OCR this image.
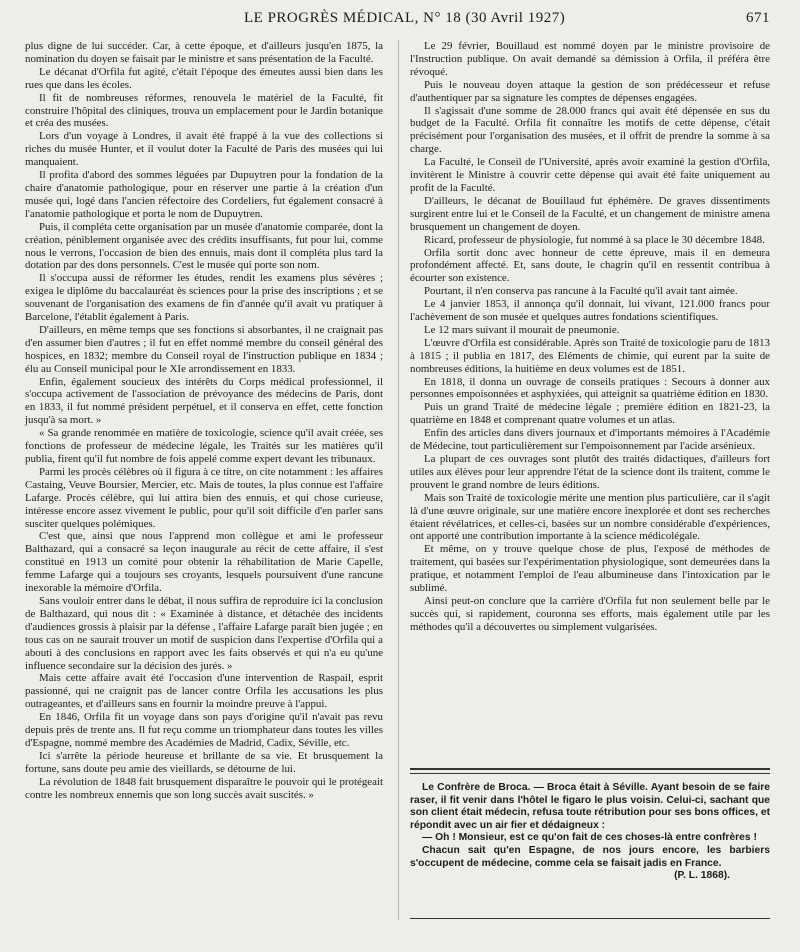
LE PROGRÈS MÉDICAL, N° 18 (30 Avril 1927)	671

plus digne de lui succéder. Car, à cette époque, et d'ailleurs jusqu'en 1875, la nomination du doyen se faisait par le ministre et sans présentation de la Faculté.

Le décanat d'Orfila fut agité, c'était l'époque des émeutes aussi bien dans les rues que dans les écoles.

Il fit de nombreuses réformes, renouvela le matériel de la Faculté, fit construire l'hôpital des cliniques, trouva un emplacement pour le Jardin botanique et créa des musées.

Lors d'un voyage à Londres, il avait été frappé à la vue des collections si riches du musée Hunter, et il voulut doter la Faculté de Paris des musées qui lui manquaient.

Il profita d'abord des sommes léguées par Dupuytren pour la fondation de la chaire d'anatomie pathologique, pour en réserver une partie à la création d'un musée qui, logé dans l'ancien réfectoire des Cordeliers, fut également consacré à l'anatomie pathologique et porta le nom de Dupuytren.

Puis, il compléta cette organisation par un musée d'anatomie comparée, dont la création, péniblement organisée avec des crédits insuffisants, fut pour lui, comme nous le verrons, l'occasion de bien des ennuis, mais dont il compléta plus tard la dotation par des dons personnels. C'est le musée qui porte son nom.

Il s'occupa aussi de réformer les études, rendit les examens plus sévères ; exigea le diplôme du baccalauréat ès sciences pour la prise des inscriptions ; et se souvenant de l'organisation des examens de fin d'année qu'il avait vu pratiquer à Barcelone, l'établit également à Paris.

D'ailleurs, en même temps que ses fonctions si absorbantes, il ne craignait pas d'en assumer bien d'autres ; il fut en effet nommé membre du conseil général des hospices, en 1832; membre du Conseil royal de l'instruction publique en 1834 ; élu au Conseil municipal pour le XIe arrondissement en 1833.

Enfin, également soucieux des intérêts du Corps médical professionnel, il s'occupa activement de l'association de prévoyance des médecins de Paris, dont en 1833, il fut nommé président perpétuel, et il conserva en effet, cette fonction jusqu'à sa mort. »

« Sa grande renommée en matière de toxicologie, science qu'il avait créée, ses fonctions de professeur de médecine légale, les Traités sur les matières qu'il publia, firent qu'il fut nombre de fois appelé comme expert devant les tribunaux.

Parmi les procès célèbres où il figura à ce titre, on cite notamment : les affaires Castaing, Veuve Boursier, Mercier, etc. Mais de toutes, la plus connue est l'affaire Lafarge. Procès célèbre, qui lui attira bien des ennuis, et qui chose curieuse, intéresse encore assez vivement le public, pour qu'il soit difficile d'en parler sans susciter quelques polémiques.

C'est que, ainsi que nous l'apprend mon collègue et ami le professeur Balthazard, qui a consacré sa leçon inaugurale au récit de cette affaire, il s'est constitué en 1913 un comité pour obtenir la réhabilitation de Marie Capelle, femme Lafarge qui a toujours ses croyants, lesquels poursuivent d'une rancune inexorable la mémoire d'Orfila.

Sans vouloir entrer dans le débat, il nous suffira de reproduire ici la conclusion de Balthazard, qui nous dit : « Examinée à distance, et détachée des incidents d'audiences grossis à plaisir par la défense , l'affaire Lafarge paraît bien jugée ; en tous cas on ne saurait trouver un motif de suspicion dans l'expertise d'Orfila qui a abouti à des conclusions en rapport avec les faits observés et qui n'a eu qu'une influence secondaire sur la décision des jurés. »

Mais cette affaire avait été l'occasion d'une intervention de Raspail, esprit passionné, qui ne craignit pas de lancer contre Orfila les accusations les plus outrageantes, et d'ailleurs sans en fournir la moindre preuve à l'appui.

En 1846, Orfila fit un voyage dans son pays d'origine qu'il n'avait pas revu depuis près de trente ans. Il fut reçu comme un triomphateur dans toutes les villes d'Espagne, nommé membre des Académies de Madrid, Cadix, Séville, etc.

Ici s'arrête la période heureuse et brillante de sa vie. Et brusquement la fortune, sans doute peu amie des vieillards, se détourne de lui.

La révolution de 1848 fait brusquement disparaître le pouvoir qui le protégeait contre les nombreux ennemis que son long succès avait suscités. »

Le 29 février, Bouillaud est nommé doyen par le ministre provisoire de l'Instruction publique. On avait demandé sa démission à Orfila, il préféra être révoqué.

Puis le nouveau doyen attaque la gestion de son prédécesseur et refuse d'authentiquer par sa signature les comptes de dépenses engagées.

Il s'agissait d'une somme de 28.000 francs qui avait été dépensée en sus du budget de la Faculté. Orfila fit connaître les motifs de cette dépense, c'était précisément pour l'organisation des musées, et il offrit de prendre la somme à sa charge.

La Faculté, le Conseil de l'Université, après avoir examiné la gestion d'Orfila, invitèrent le Ministre à couvrir cette dépense qui avait été faite uniquement au profit de la Faculté.

D'ailleurs, le décanat de Bouillaud fut éphémère. De graves dissentiments surgirent entre lui et le Conseil de la Faculté, et un changement de ministre amena brusquement un changement de doyen.

Ricard, professeur de physiologie, fut nommé à sa place le 30 décembre 1848.

Orfila sortit donc avec honneur de cette épreuve, mais il en demeura profondément affecté. Et, sans doute, le chagrin qu'il en ressentit contribua à écourter son existence.

Pourtant, il n'en conserva pas rancune à la Faculté qu'il avait tant aimée.

Le 4 janvier 1853, il annonça qu'il donnait, lui vivant, 121.000 francs pour l'achèvement de son musée et quelques autres fondations scientifiques.

Le 12 mars suivant il mourait de pneumonie.

L'œuvre d'Orfila est considérable. Après son Traité de toxicologie paru de 1813 à 1815 ; il publia en 1817, des Eléments de chimie, qui eurent par la suite de nombreuses éditions, la huitième en deux volumes est de 1851.

En 1818, il donna un ouvrage de conseils pratiques : Secours à donner aux personnes empoisonnées et asphyxiées, qui atteignit sa quatrième édition en 1830.

Puis un grand Traité de médecine légale ; première édition en 1821-23, la quatrième en 1848 et comprenant quatre volumes et un atlas.

Enfin des articles dans divers journaux et d'importants mémoires à l'Académie de Médecine, tout particulièrement sur l'empoisonnement par l'acide arsénieux.

La plupart de ces ouvrages sont plutôt des traités didactiques, d'ailleurs fort utiles aux élèves pour leur apprendre l'état de la science dont ils traitent, comme le prouvent le grand nombre de leurs éditions.

Mais son Traité de toxicologie mérite une mention plus particulière, car il s'agit là d'une œuvre originale, sur une matière encore inexplorée et dont ses recherches étaient révélatrices, et celles-ci, basées sur un nombre considérable d'expériences, ont apporté une contribution importante à la science médicolégale.

Et même, on y trouve quelque chose de plus, l'exposé de méthodes de traitement, qui basées sur l'expérimentation physiologique, sont demeurées dans la pratique, et notamment l'emploi de l'eau albumineuse dans l'intoxication par le sublimé.

Ainsi peut-on conclure que la carrière d'Orfila fut non seulement belle par le succès qui, si rapidement, couronna ses efforts, mais également utile par les méthodes qu'il a découvertes ou simplement vulgarisées.

Le Confrère de Broca. — Broca était à Séville. Ayant besoin de se faire raser, il fit venir dans l'hôtel le figaro le plus voisin. Celui-ci, sachant que son client était médecin, refusa toute rétribution pour ses bons offices, et répondit avec un air fier et dédaigneux :

— Oh ! Monsieur, est ce qu'on fait de ces choses-là entre confrères !

Chacun sait qu'en Espagne, de nos jours encore, les barbiers s'occupent de médecine, comme cela se faisait jadis en France.

(P. L. 1868).
